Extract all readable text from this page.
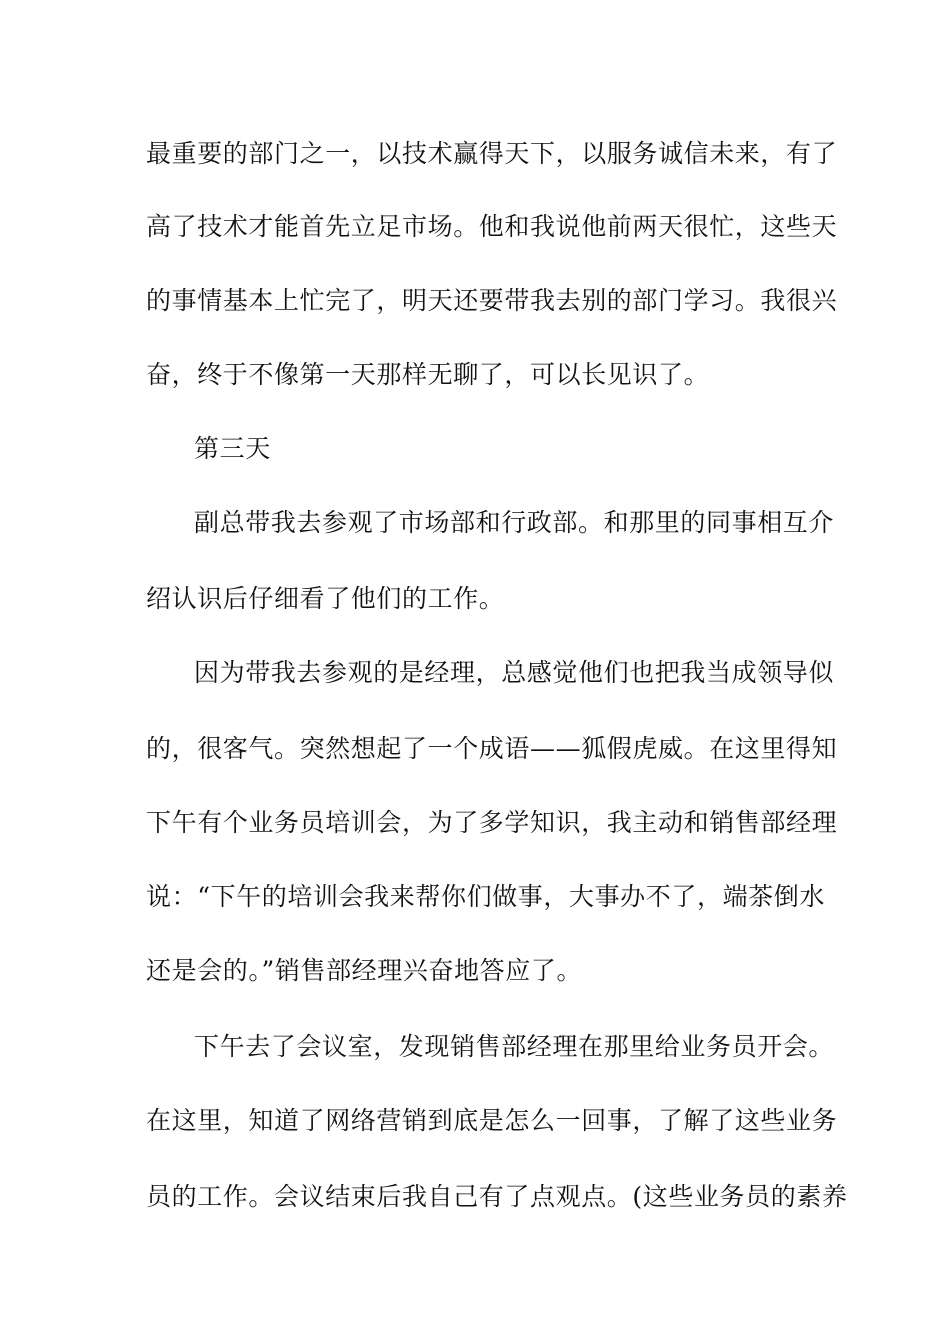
最重要的部门之一，以技术赢得天下，以服务诚信未来，有了
高了技术才能首先立足市场。他和我说他前两天很忙，这些天
的事情基本上忙完了，明天还要带我去别的部门学习。我很兴
奋，终于不像第一天那样无聊了，可以长见识了。
第三天
副总带我去参观了市场部和行政部。和那里的同事相互介
绍认识后仔细看了他们的工作。
因为带我去参观的是经理，总感觉他们也把我当成领导似
的，很客气。突然想起了一个成语——狐假虎威。在这里得知
下午有个业务员培训会，为了多学知识，我主动和销售部经理
说：“下午的培训会我来帮你们做事，大事办不了，端茶倒水
还是会的。”销售部经理兴奋地答应了。
下午去了会议室，发现销售部经理在那里给业务员开会。
在这里，知道了网络营销到底是怎么一回事，了解了这些业务
员的工作。会议结束后我自己有了点观点。(这些业务员的素养
